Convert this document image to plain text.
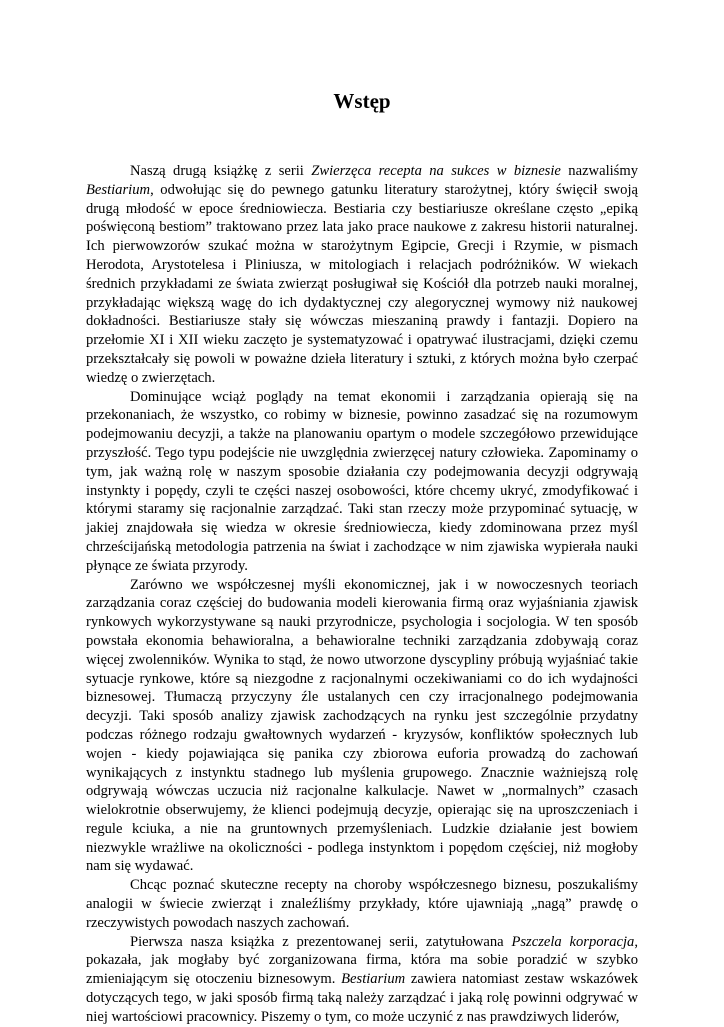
Wstęp

Naszą drugą książkę z serii Zwierzęca recepta na sukces w biznesie nazwaliśmy Bestiarium, odwołując się do pewnego gatunku literatury starożytnej, który święcił swoją drugą młodość w epoce średniowiecza. Bestiaria czy bestiariusze określane często „epiką poświęconą bestiom” traktowano przez lata jako prace naukowe z zakresu historii naturalnej. Ich pierwowzorów szukać można w starożytnym Egipcie, Grecji i Rzymie, w pismach Herodota, Arystotelesa i Pliniusza, w mitologiach i relacjach podróżników. W wiekach średnich przykładami ze świata zwierząt posługiwał się Kościół dla potrzeb nauki moralnej, przykładając większą wagę do ich dydaktycznej czy alegorycznej wymowy niż naukowej dokładności. Bestiariusze stały się wówczas mieszaniną prawdy i fantazji. Dopiero na przełomie XI i XII wieku zaczęto je systematyzować i opatrywać ilustracjami, dzięki czemu przekształcały się powoli w poważne dzieła literatury i sztuki, z których można było czerpać wiedzę o zwierzętach.

Dominujące wciąż poglądy na temat ekonomii i zarządzania opierają się na przekonaniach, że wszystko, co robimy w biznesie, powinno zasadzać się na rozumowym podejmowaniu decyzji, a także na planowaniu opartym o modele szczegółowo przewidujące przyszłość. Tego typu podejście nie uwzględnia zwierzęcej natury człowieka. Zapominamy o tym, jak ważną rolę w naszym sposobie działania czy podejmowania decyzji odgrywają instynkty i popędy, czyli te części naszej osobowości, które chcemy ukryć, zmodyfikować i którymi staramy się racjonalnie zarządzać. Taki stan rzeczy może przypominać sytuację, w jakiej znajdowała się wiedza w okresie średniowiecza, kiedy zdominowana przez myśl chrześcijańską metodologia patrzenia na świat i zachodzące w nim zjawiska wypierała nauki płynące ze świata przyrody.

Zarówno we współczesnej myśli ekonomicznej, jak i w nowoczesnych teoriach zarządzania coraz częściej do budowania modeli kierowania firmą oraz wyjaśniania zjawisk rynkowych wykorzystywane są nauki przyrodnicze, psychologia i socjologia. W ten sposób powstała ekonomia behawioralna, a behawioralne techniki zarządzania zdobywają coraz więcej zwolenników. Wynika to stąd, że nowo utworzone dyscypliny próbują wyjaśniać takie sytuacje rynkowe, które są niezgodne z racjonalnymi oczekiwaniami co do ich wydajności biznesowej. Tłumaczą przyczyny źle ustalanych cen czy irracjonalnego podejmowania decyzji. Taki sposób analizy zjawisk zachodzących na rynku jest szczególnie przydatny podczas różnego rodzaju gwałtownych wydarzeń - kryzysów, konfliktów społecznych lub wojen - kiedy pojawiająca się panika czy zbiorowa euforia prowadzą do zachowań wynikających z instynktu stadnego lub myślenia grupowego. Znacznie ważniejszą rolę odgrywają wówczas uczucia niż racjonalne kalkulacje. Nawet w „normalnych” czasach wielokrotnie obserwujemy, że klienci podejmują decyzje, opierając się na uproszczeniach i regule kciuka, a nie na gruntownych przemyśleniach. Ludzkie działanie jest bowiem niezwykle wrażliwe na okoliczności - podlega instynktom i popędom częściej, niż mogłoby nam się wydawać.

Chcąc poznać skuteczne recepty na choroby współczesnego biznesu, poszukaliśmy analogii w świecie zwierząt i znaleźliśmy przykłady, które ujawniają „nagą” prawdę o rzeczywistych powodach naszych zachowań.

Pierwsza nasza książka z prezentowanej serii, zatytułowana Pszczela korporacja, pokazała, jak mogłaby być zorganizowana firma, która ma sobie poradzić w szybko zmieniającym się otoczeniu biznesowym. Bestiarium zawiera natomiast zestaw wskazówek dotyczących tego, w jaki sposób firmą taką należy zarządzać i jaką rolę powinni odgrywać w niej wartościowi pracownicy. Piszemy o tym, co może uczynić z nas prawdziwych liderów,
